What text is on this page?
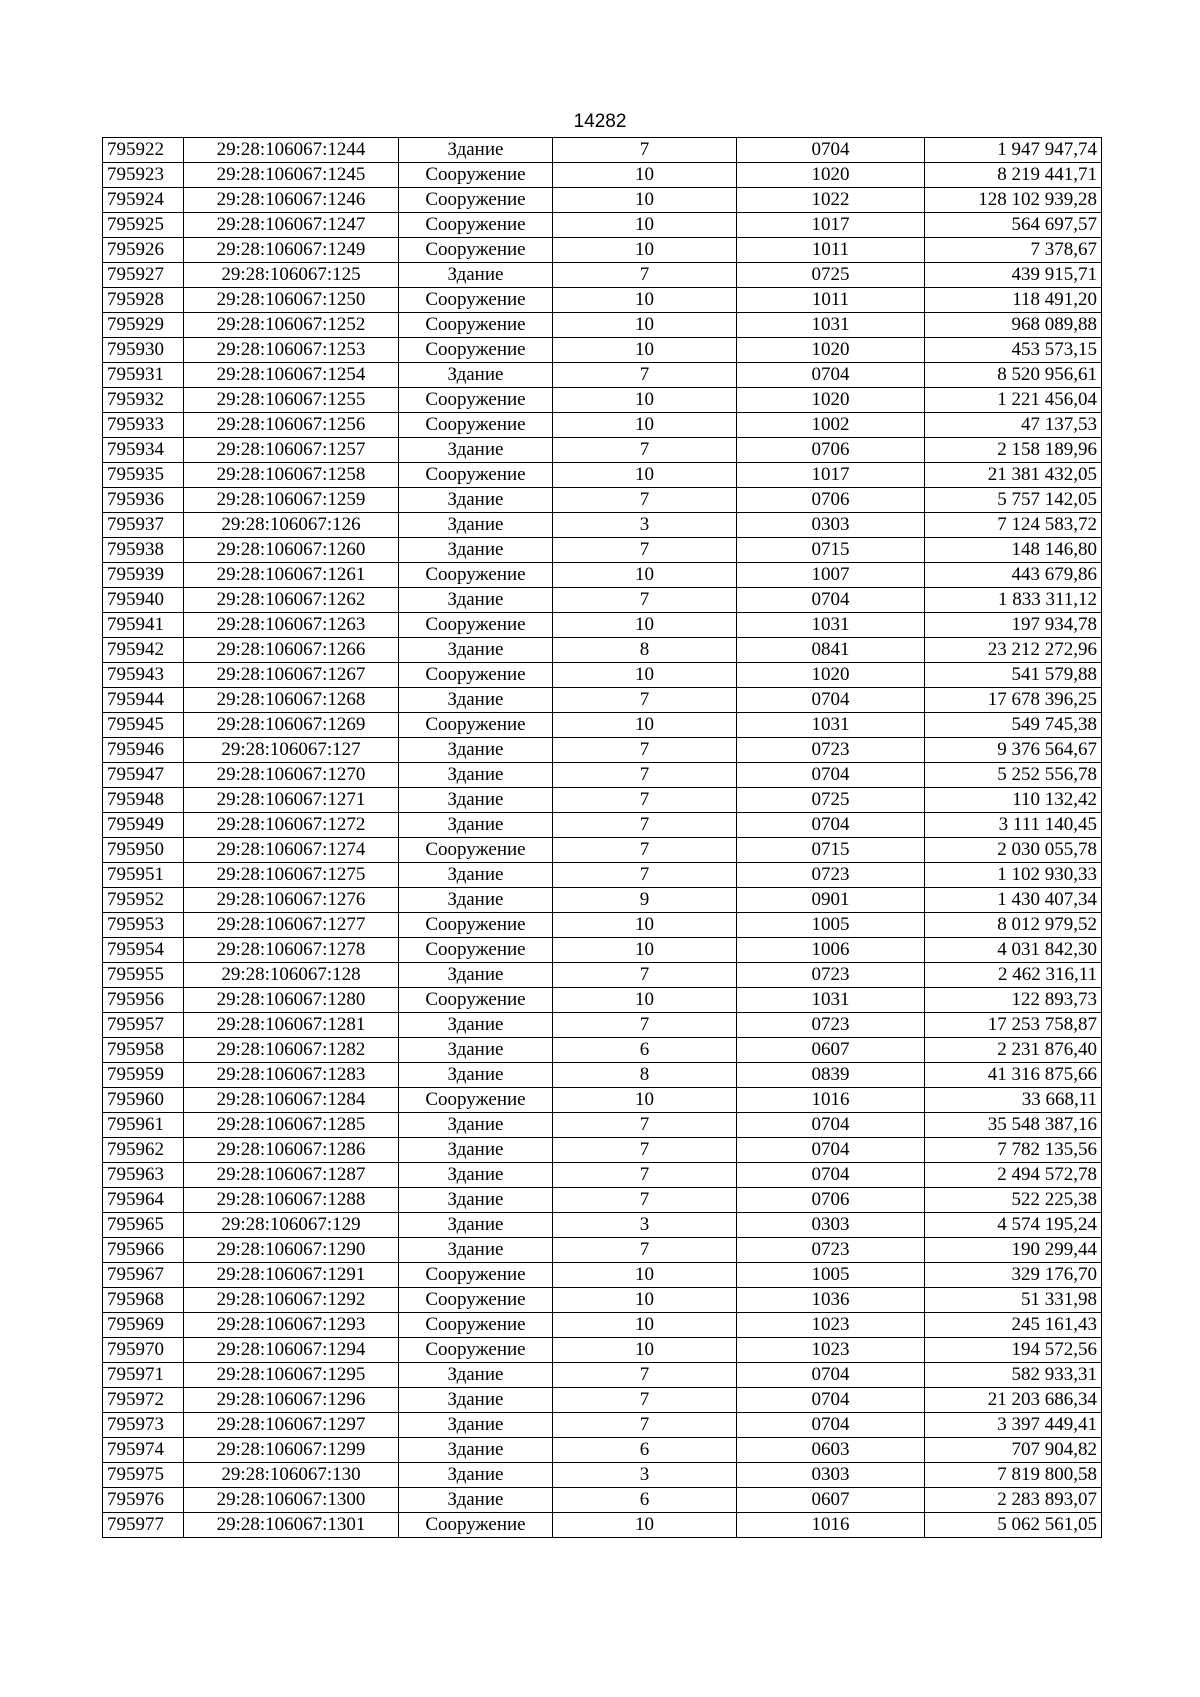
14282
795922	29:28:106067:1244	Здание	7	0704	1 947 947,74
795923	29:28:106067:1245	Сооружение	10	1020	8 219 441,71
795924	29:28:106067:1246	Сооружение	10	1022	128 102 939,28
795925	29:28:106067:1247	Сооружение	10	1017	564 697,57
795926	29:28:106067:1249	Сооружение	10	1011	7 378,67
795927	29:28:106067:125	Здание	7	0725	439 915,71
795928	29:28:106067:1250	Сооружение	10	1011	118 491,20
795929	29:28:106067:1252	Сооружение	10	1031	968 089,88
795930	29:28:106067:1253	Сооружение	10	1020	453 573,15
795931	29:28:106067:1254	Здание	7	0704	8 520 956,61
795932	29:28:106067:1255	Сооружение	10	1020	1 221 456,04
795933	29:28:106067:1256	Сооружение	10	1002	47 137,53
795934	29:28:106067:1257	Здание	7	0706	2 158 189,96
795935	29:28:106067:1258	Сооружение	10	1017	21 381 432,05
795936	29:28:106067:1259	Здание	7	0706	5 757 142,05
795937	29:28:106067:126	Здание	3	0303	7 124 583,72
795938	29:28:106067:1260	Здание	7	0715	148 146,80
795939	29:28:106067:1261	Сооружение	10	1007	443 679,86
795940	29:28:106067:1262	Здание	7	0704	1 833 311,12
795941	29:28:106067:1263	Сооружение	10	1031	197 934,78
795942	29:28:106067:1266	Здание	8	0841	23 212 272,96
795943	29:28:106067:1267	Сооружение	10	1020	541 579,88
795944	29:28:106067:1268	Здание	7	0704	17 678 396,25
795945	29:28:106067:1269	Сооружение	10	1031	549 745,38
795946	29:28:106067:127	Здание	7	0723	9 376 564,67
795947	29:28:106067:1270	Здание	7	0704	5 252 556,78
795948	29:28:106067:1271	Здание	7	0725	110 132,42
795949	29:28:106067:1272	Здание	7	0704	3 111 140,45
795950	29:28:106067:1274	Сооружение	7	0715	2 030 055,78
795951	29:28:106067:1275	Здание	7	0723	1 102 930,33
795952	29:28:106067:1276	Здание	9	0901	1 430 407,34
795953	29:28:106067:1277	Сооружение	10	1005	8 012 979,52
795954	29:28:106067:1278	Сооружение	10	1006	4 031 842,30
795955	29:28:106067:128	Здание	7	0723	2 462 316,11
795956	29:28:106067:1280	Сооружение	10	1031	122 893,73
795957	29:28:106067:1281	Здание	7	0723	17 253 758,87
795958	29:28:106067:1282	Здание	6	0607	2 231 876,40
795959	29:28:106067:1283	Здание	8	0839	41 316 875,66
795960	29:28:106067:1284	Сооружение	10	1016	33 668,11
795961	29:28:106067:1285	Здание	7	0704	35 548 387,16
795962	29:28:106067:1286	Здание	7	0704	7 782 135,56
795963	29:28:106067:1287	Здание	7	0704	2 494 572,78
795964	29:28:106067:1288	Здание	7	0706	522 225,38
795965	29:28:106067:129	Здание	3	0303	4 574 195,24
795966	29:28:106067:1290	Здание	7	0723	190 299,44
795967	29:28:106067:1291	Сооружение	10	1005	329 176,70
795968	29:28:106067:1292	Сооружение	10	1036	51 331,98
795969	29:28:106067:1293	Сооружение	10	1023	245 161,43
795970	29:28:106067:1294	Сооружение	10	1023	194 572,56
795971	29:28:106067:1295	Здание	7	0704	582 933,31
795972	29:28:106067:1296	Здание	7	0704	21 203 686,34
795973	29:28:106067:1297	Здание	7	0704	3 397 449,41
795974	29:28:106067:1299	Здание	6	0603	707 904,82
795975	29:28:106067:130	Здание	3	0303	7 819 800,58
795976	29:28:106067:1300	Здание	6	0607	2 283 893,07
795977	29:28:106067:1301	Сооружение	10	1016	5 062 561,05
